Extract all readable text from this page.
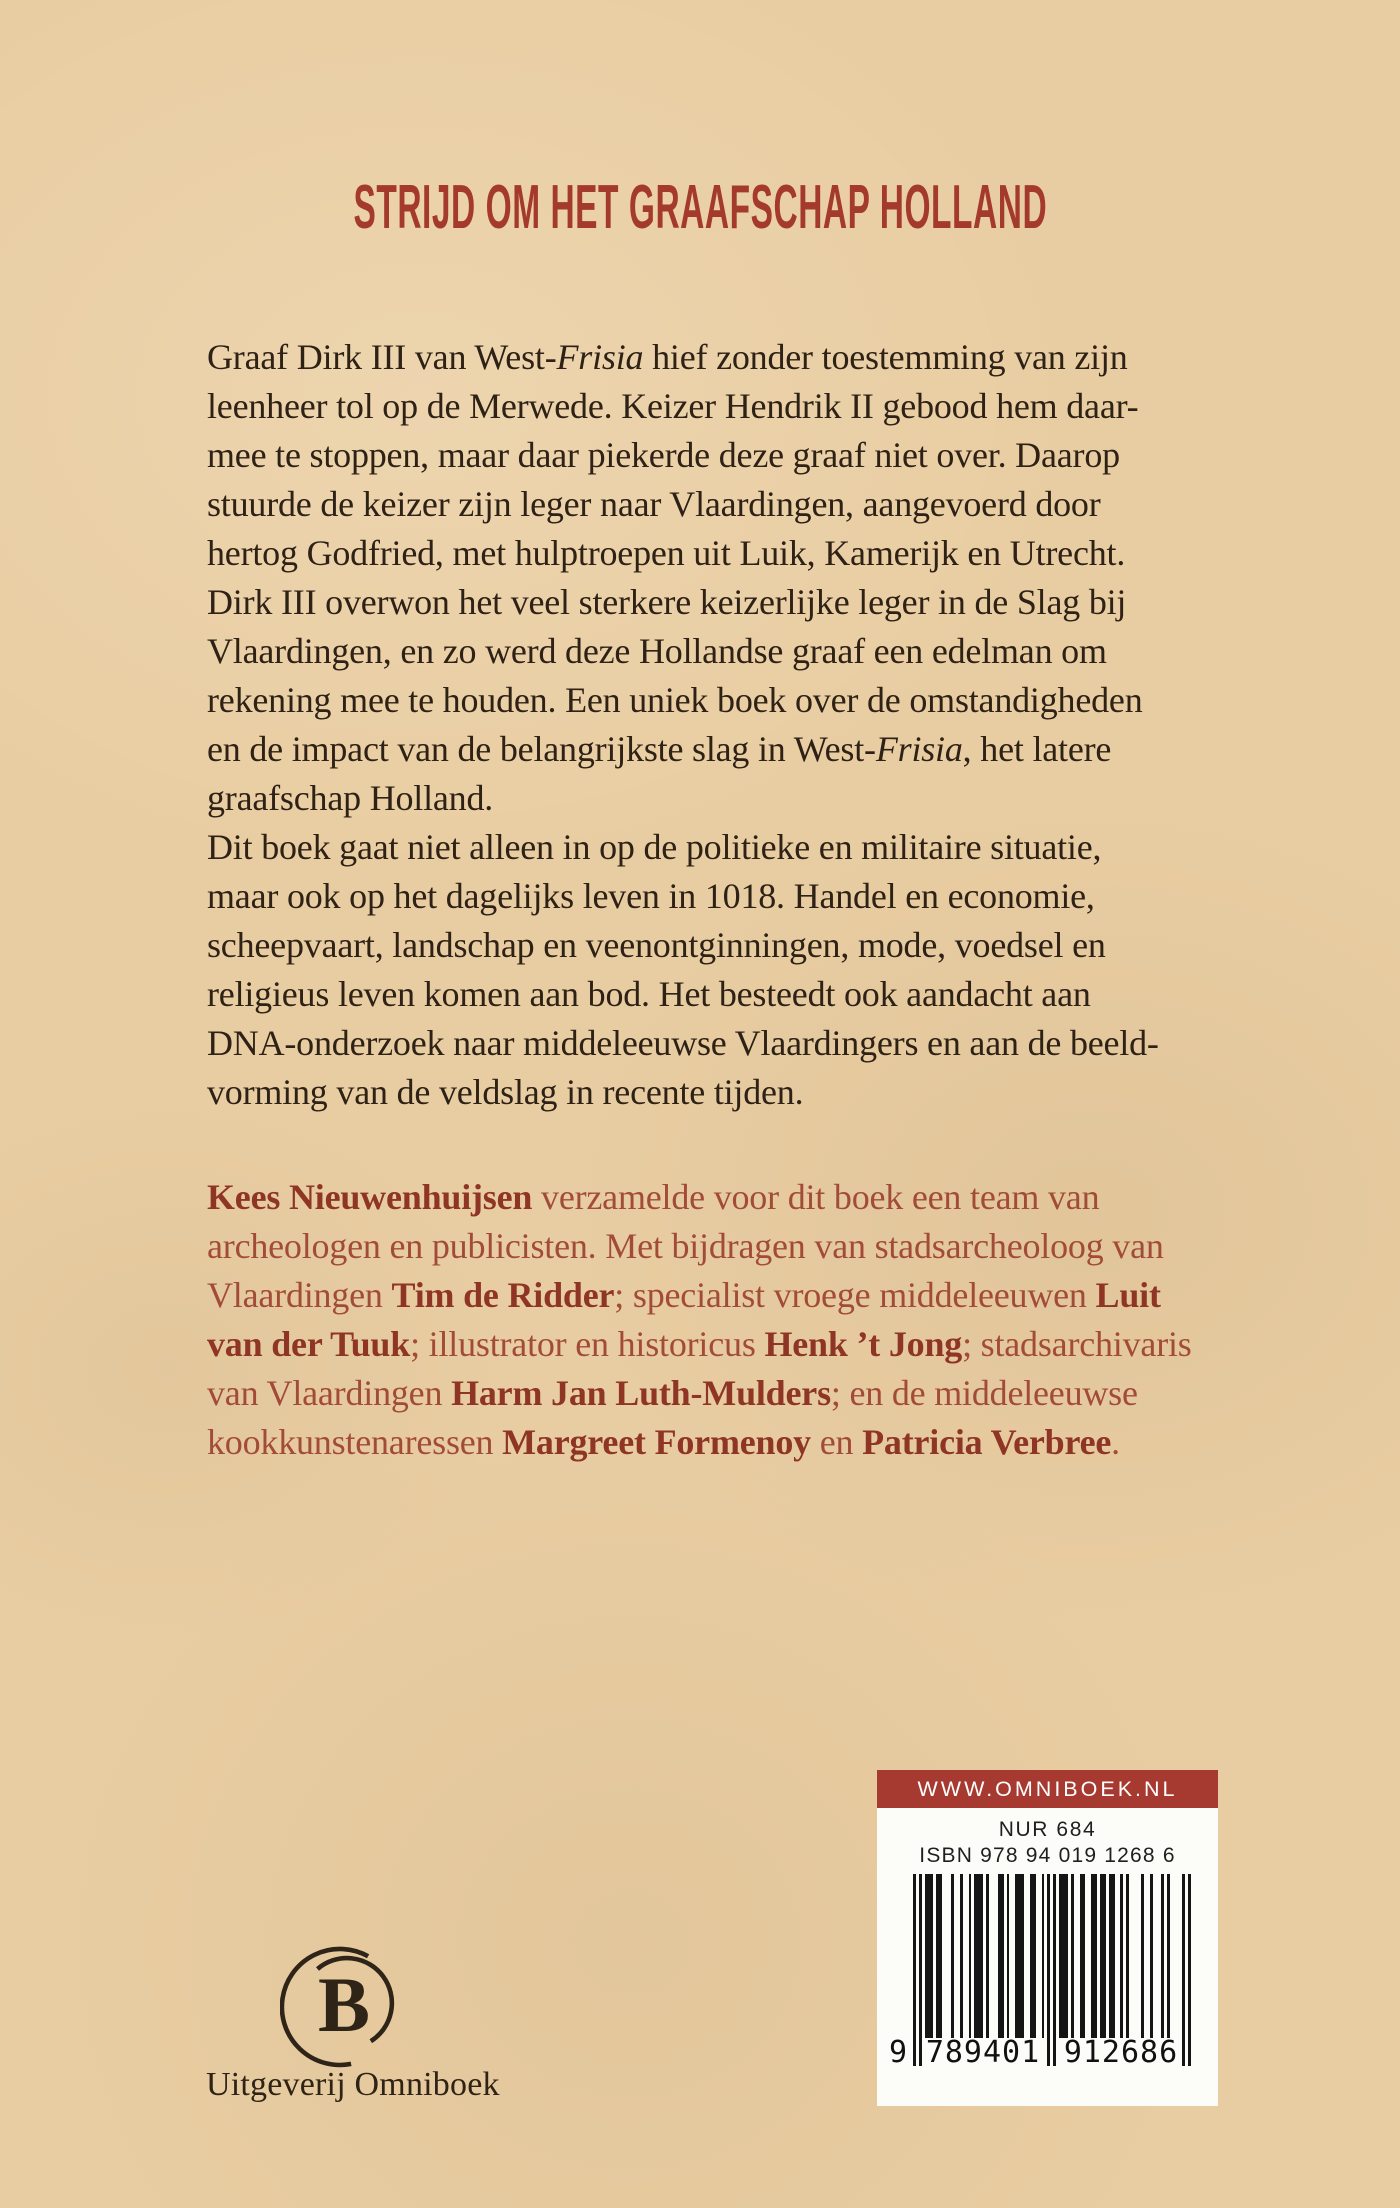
STRIJD OM HET GRAAFSCHAP HOLLAND
Graaf Dirk III van West-Frisia hief zonder toestemming van zijn
leenheer tol op de Merwede. Keizer Hendrik II gebood hem daar-
mee te stoppen, maar daar piekerde deze graaf niet over. Daarop
stuurde de keizer zijn leger naar Vlaardingen, aangevoerd door
hertog Godfried, met hulptroepen uit Luik, Kamerijk en Utrecht.
Dirk III overwon het veel sterkere keizerlijke leger in de Slag bij
Vlaardingen, en zo werd deze Hollandse graaf een edelman om
rekening mee te houden. Een uniek boek over de omstandigheden
en de impact van de belangrijkste slag in West-Frisia, het latere
graafschap Holland.
Dit boek gaat niet alleen in op de politieke en militaire situatie,
maar ook op het dagelijks leven in 1018. Handel en economie,
scheepvaart, landschap en veenontginningen, mode, voedsel en
religieus leven komen aan bod. Het besteedt ook aandacht aan
DNA-onderzoek naar middeleeuwse Vlaardingers en aan de beeld-
vorming van de veldslag in recente tijden.
Kees Nieuwenhuijsen verzamelde voor dit boek een team van
archeologen en publicisten. Met bijdragen van stadsarcheoloog van
Vlaardingen Tim de Ridder; specialist vroege middeleeuwen Luit
van der Tuuk; illustrator en historicus Henk ’t Jong; stadsarchivaris
van Vlaardingen Harm Jan Luth-Mulders; en de middeleeuwse
kookkunstenaressen Margreet Formenoy en Patricia Verbree.
B
Uitgeverij Omniboek
WWW.OMNIBOEK.NL
NUR 684
ISBN 978 94 019 1268 6
9 789401 912686
